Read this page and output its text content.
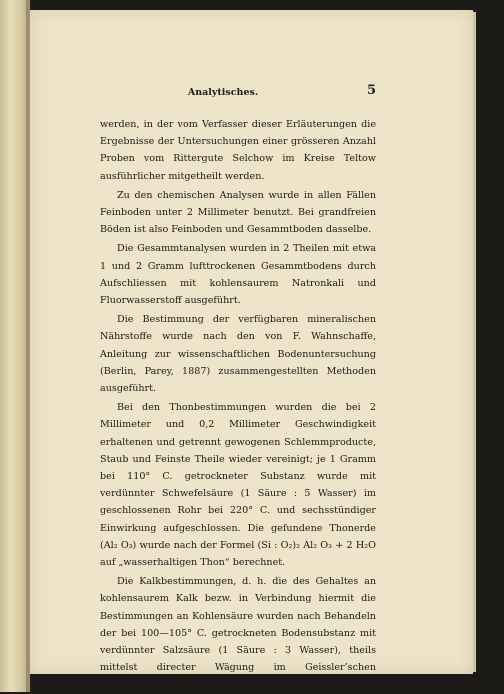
Analytisches.	5

werden, in der vom Verfasser dieser Erläuterungen die Ergebnisse der Untersuchungen einer grösseren Anzahl Proben vom Rittergute Selchow im Kreise Teltow ausführlicher mitgetheilt werden.

Zu den chemischen Analysen wurde in allen Fällen Feinboden unter 2 Millimeter benutzt. Bei grandfreien Böden ist also Feinboden und Gesammtboden dasselbe.

Die Gesammtanalysen wurden in 2 Theilen mit etwa 1 und 2 Gramm lufttrockenen Gesammtbodens durch Aufschliessen mit kohlensaurem Natronkali und Fluorwasserstoff ausgeführt.

Die Bestimmung der verfügbaren mineralischen Nährstoffe wurde nach den von F. Wahnschaffe, Anleitung zur wissenschaftlichen Bodenuntersuchung (Berlin, Parey, 1887) zusammengestellten Methoden ausgeführt.

Bei den Thonbestimmungen wurden die bei 2 Millimeter und 0,2 Millimeter Geschwindigkeit erhaltenen und getrennt gewogenen Schlemmproducte, Staub und Feinste Theile wieder vereinigt; je 1 Gramm bei 110° C. getrockneter Substanz wurde mit verdünnter Schwefelsäure (1 Säure : 5 Wasser) im geschlossenen Rohr bei 220° C. und sechsstündiger Einwirkung aufgeschlossen. Die gefundene Thonerde (Al₂ O₃) wurde nach der Formel (Si : O₂)₂ Al₂ O₃ + 2 H₂O auf „wasserhaltigen Thon“ berechnet.

Die Kalkbestimmungen, d. h. die des Gehaltes an kohlensaurem Kalk bezw. in Verbindung hiermit die Bestimmungen an Kohlensäure wurden nach Behandeln der bei 100—105° C. getrockneten Bodensubstanz mit verdünnter Salzsäure (1 Säure : 3 Wasser), theils mittelst directer Wägung im Geissler’schen Kaliapparate, theils aus dem erhaltenen
